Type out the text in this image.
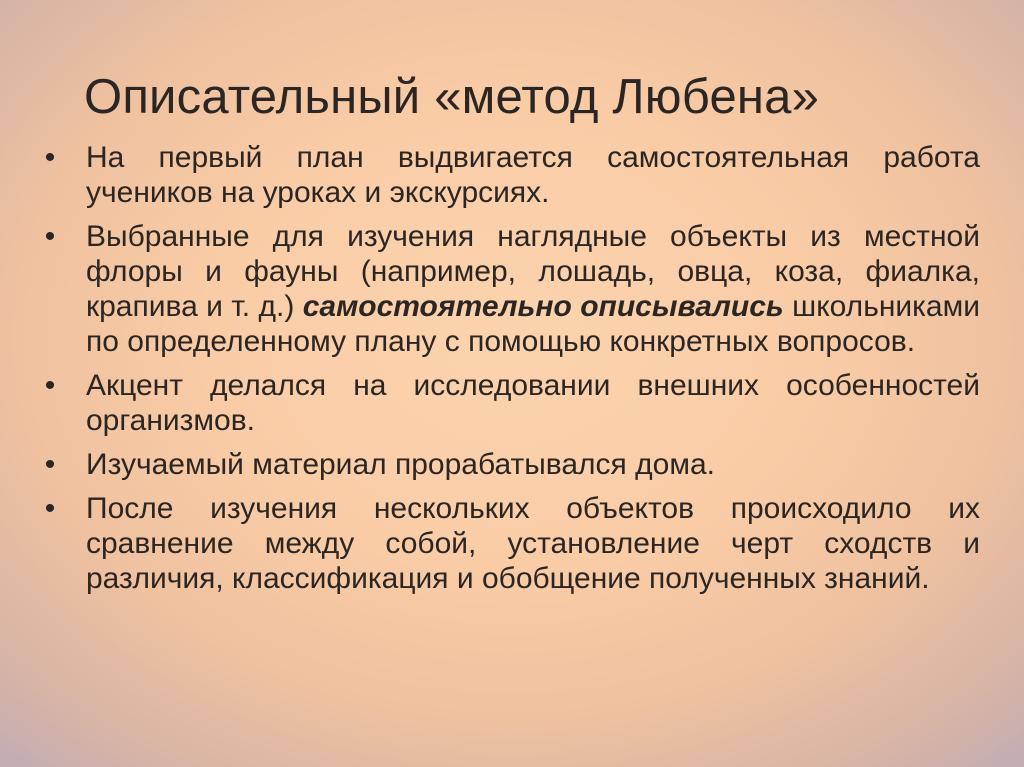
Описательный «метод Любена»
• На первый план выдвигается самостоятельная работа учеников на уроках и экскурсиях.
• Выбранные для изучения наглядные объекты из местной флоры и фауны (например, лошадь, овца, коза, фиалка, крапива и т. д.) самостоятельно описывались школьниками по определенному плану с помощью конкретных вопросов.
• Акцент делался на исследовании внешних особенностей организмов.
• Изучаемый материал прорабатывался дома.
• После изучения нескольких объектов происходило их сравнение между собой, установление черт сходств и различия, классификация и обобщение полученных знаний.
